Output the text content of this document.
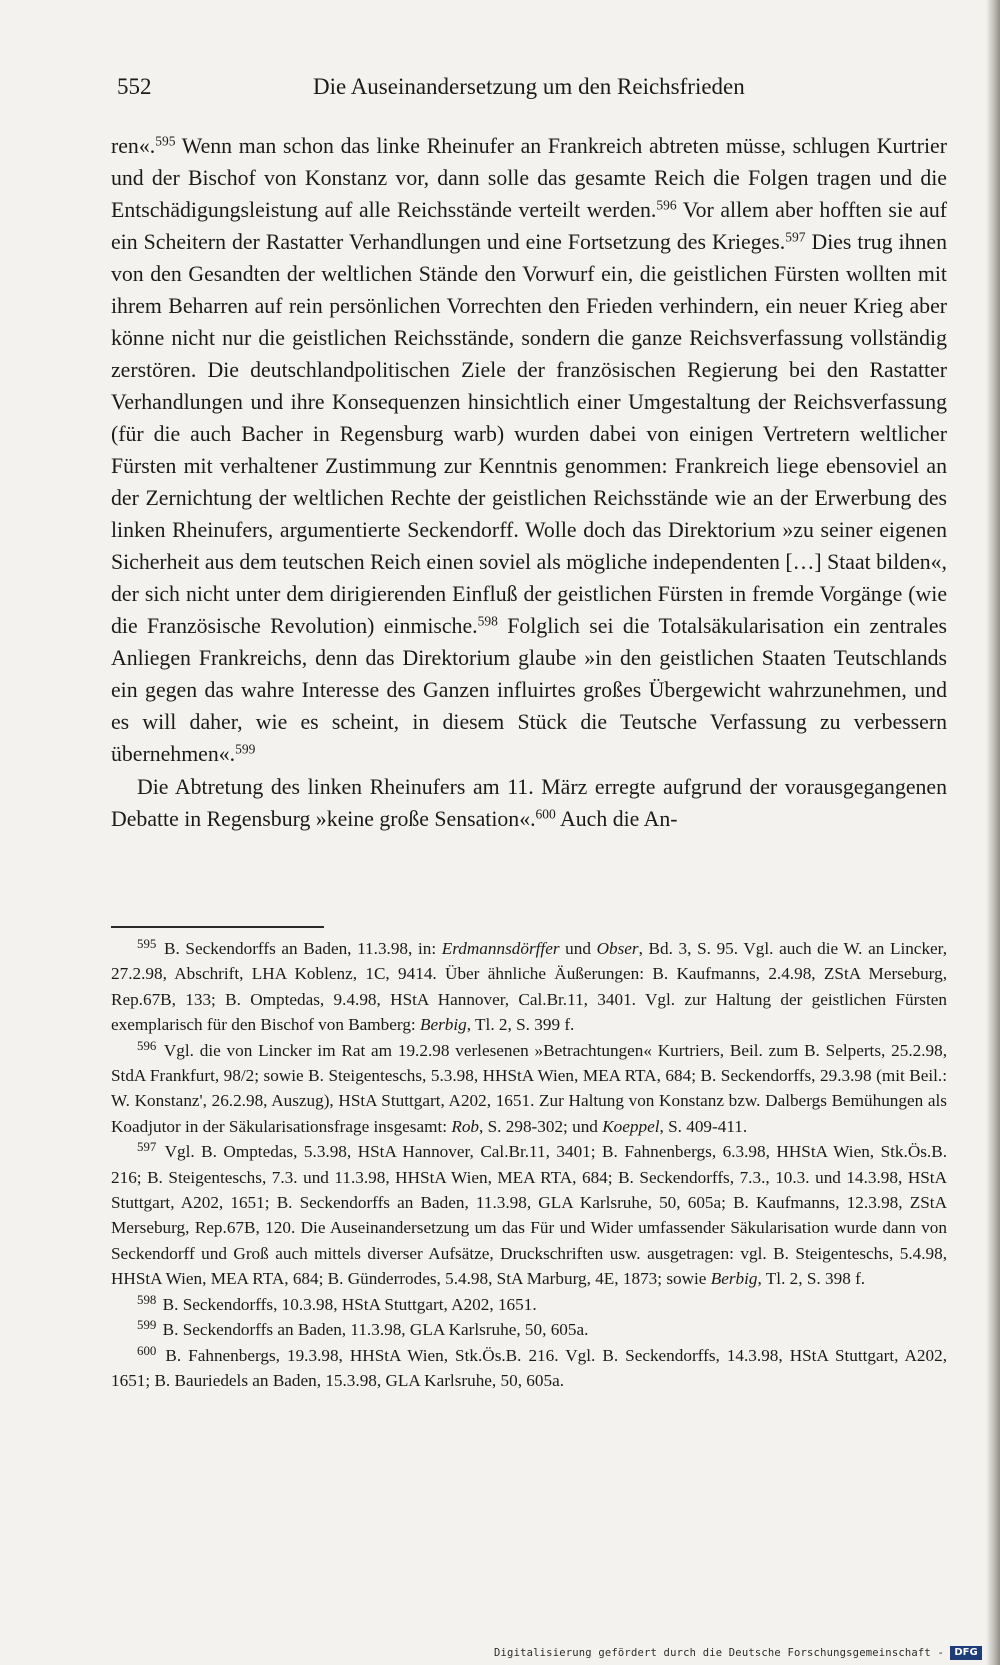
552	Die Auseinandersetzung um den Reichsfrieden

ren«.$^{595}$ Wenn man schon das linke Rheinufer an Frankreich abtreten müsse, schlugen Kurtrier und der Bischof von Konstanz vor, dann solle das gesamte Reich die Folgen tragen und die Entschädigungsleistung auf alle Reichsstände verteilt werden.$^{596}$ Vor allem aber hofften sie auf ein Scheitern der Rastatter Verhandlungen und eine Fortsetzung des Krieges.$^{597}$ Dies trug ihnen von den Gesandten der weltlichen Stände den Vorwurf ein, die geistlichen Fürsten wollten mit ihrem Beharren auf rein persönlichen Vorrechten den Frieden verhindern, ein neuer Krieg aber könne nicht nur die geistlichen Reichsstände, sondern die ganze Reichsverfassung vollständig zerstören. Die deutschlandpolitischen Ziele der französischen Regierung bei den Rastatter Verhandlungen und ihre Konsequenzen hinsichtlich einer Umgestaltung der Reichsverfassung (für die auch Bacher in Regensburg warb) wurden dabei von einigen Vertretern weltlicher Fürsten mit verhaltener Zustimmung zur Kenntnis genommen: Frankreich liege ebensoviel an der Zernichtung der weltlichen Rechte der geistlichen Reichsstände wie an der Erwerbung des linken Rheinufers, argumentierte Seckendorff. Wolle doch das Direktorium »zu seiner eigenen Sicherheit aus dem teutschen Reich einen soviel als mögliche independenten […] Staat bilden«, der sich nicht unter dem dirigierenden Einfluß der geistlichen Fürsten in fremde Vorgänge (wie die Französische Revolution) einmische.$^{598}$ Folglich sei die Totalsäkularisation ein zentrales Anliegen Frankreichs, denn das Direktorium glaube »in den geistlichen Staaten Teutschlands ein gegen das wahre Interesse des Ganzen influirtes großes Übergewicht wahrzunehmen, und es will daher, wie es scheint, in diesem Stück die Teutsche Verfassung zu verbessern übernehmen«.$^{599}$

Die Abtretung des linken Rheinufers am 11. März erregte aufgrund der vorausgegangenen Debatte in Regensburg »keine große Sensation«.$^{600}$ Auch die An-

$^{595}$ B. Seckendorffs an Baden, 11.3.98, in: Erdmannsdörffer und Obser, Bd. 3, S. 95. Vgl. auch die W. an Lincker, 27.2.98, Abschrift, LHA Koblenz, 1C, 9414. Über ähnliche Äußerungen: B. Kaufmanns, 2.4.98, ZStA Merseburg, Rep.67B, 133; B. Omptedas, 9.4.98, HStA Hannover, Cal.Br.11, 3401. Vgl. zur Haltung der geistlichen Fürsten exemplarisch für den Bischof von Bamberg: Berbig, Tl. 2, S. 399 f.

$^{596}$ Vgl. die von Lincker im Rat am 19.2.98 verlesenen »Betrachtungen« Kurtriers, Beil. zum B. Selperts, 25.2.98, StdA Frankfurt, 98/2; sowie B. Steigenteschs, 5.3.98, HHStA Wien, MEA RTA, 684; B. Seckendorffs, 29.3.98 (mit Beil.: W. Konstanz', 26.2.98, Auszug), HStA Stuttgart, A202, 1651. Zur Haltung von Konstanz bzw. Dalbergs Bemühungen als Koadjutor in der Säkularisationsfrage insgesamt: Rob, S. 298-302; und Koeppel, S. 409-411.

$^{597}$ Vgl. B. Omptedas, 5.3.98, HStA Hannover, Cal.Br.11, 3401; B. Fahnenbergs, 6.3.98, HHStA Wien, Stk.Ös.B. 216; B. Steigenteschs, 7.3. und 11.3.98, HHStA Wien, MEA RTA, 684; B. Seckendorffs, 7.3., 10.3. und 14.3.98, HStA Stuttgart, A202, 1651; B. Seckendorffs an Baden, 11.3.98, GLA Karlsruhe, 50, 605a; B. Kaufmanns, 12.3.98, ZStA Merseburg, Rep.67B, 120. Die Auseinandersetzung um das Für und Wider umfassender Säkularisation wurde dann von Seckendorff und Groß auch mittels diverser Aufsätze, Druckschriften usw. ausgetragen: vgl. B. Steigenteschs, 5.4.98, HHStA Wien, MEA RTA, 684; B. Günderrodes, 5.4.98, StA Marburg, 4E, 1873; sowie Berbig, Tl. 2, S. 398 f.

$^{598}$ B. Seckendorffs, 10.3.98, HStA Stuttgart, A202, 1651.

$^{599}$ B. Seckendorffs an Baden, 11.3.98, GLA Karlsruhe, 50, 605a.

$^{600}$ B. Fahnenbergs, 19.3.98, HHStA Wien, Stk.Ös.B. 216. Vgl. B. Seckendorffs, 14.3.98, HStA Stuttgart, A202, 1651; B. Bauriedels an Baden, 15.3.98, GLA Karlsruhe, 50, 605a.

Digitalisierung gefördert durch die Deutsche Forschungsgemeinschaft -	DFG
